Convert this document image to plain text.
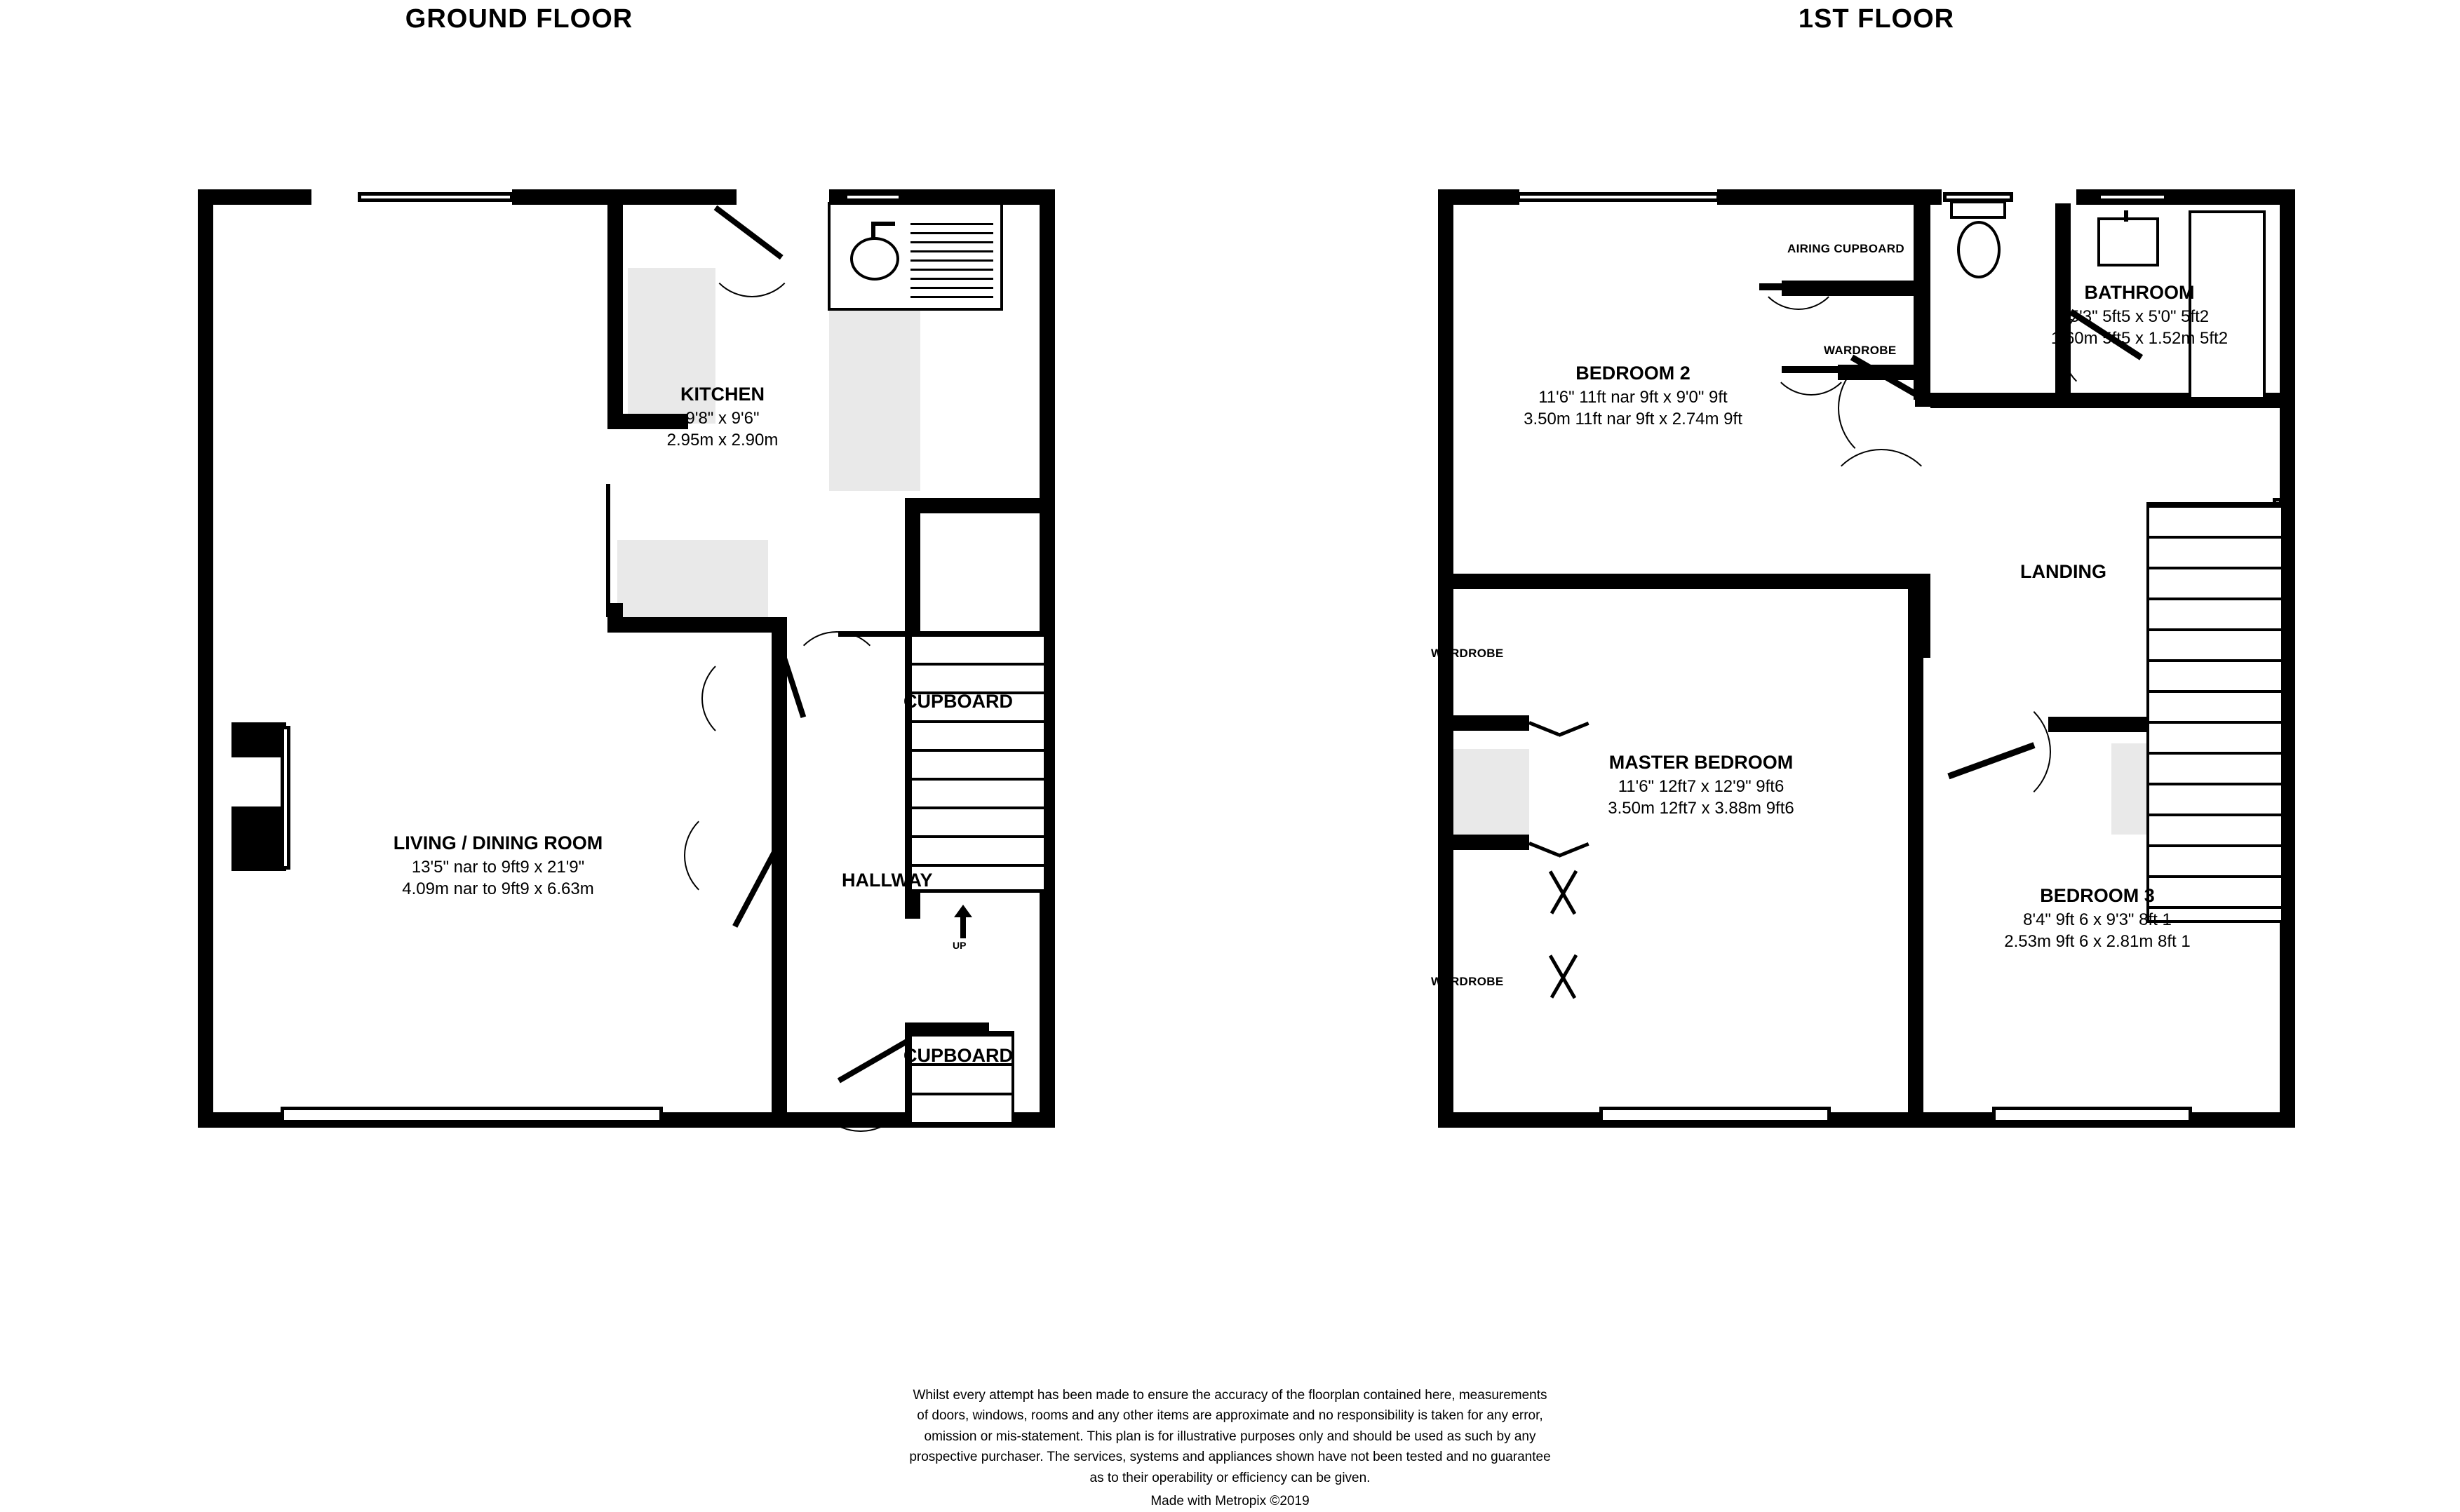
GROUND FLOOR	1ST FLOOR
UP
KITCHEN
9'8" x 9'6"
2.95m x 2.90m
LIVING / DINING ROOM
13'5" nar to 9ft9 x 21'9"
4.09m nar to 9ft9 x 6.63m
CUPBOARD
HALLWAY
CUPBOARD
BEDROOM 2
11'6" 11ft nar 9ft x 9'0" 9ft
3.50m 11ft nar 9ft x 2.74m 9ft
BATHROOM
5'3" 5ft5 x 5'0" 5ft2
1.60m 5ft5 x 1.52m 5ft2
MASTER BEDROOM
11'6" 12ft7 x 12'9" 9ft6
3.50m 12ft7 x 3.88m 9ft6
BEDROOM 3
8'4" 9ft 6 x 9'3" 8ft 1
2.53m 9ft 6 x 2.81m 8ft 1
AIRING CUPBOARD
WARDROBE
LANDING
WARDROBE
WARDROBE
Whilst every attempt has been made to ensure the accuracy of the floorplan contained here, measurements
of doors, windows, rooms and any other items are approximate and no responsibility is taken for any error,
omission or mis-statement. This plan is for illustrative purposes only and should be used as such by any
prospective purchaser. The services, systems and appliances shown have not been tested and no guarantee
as to their operability or efficiency can be given.
Made with Metropix ©2019
